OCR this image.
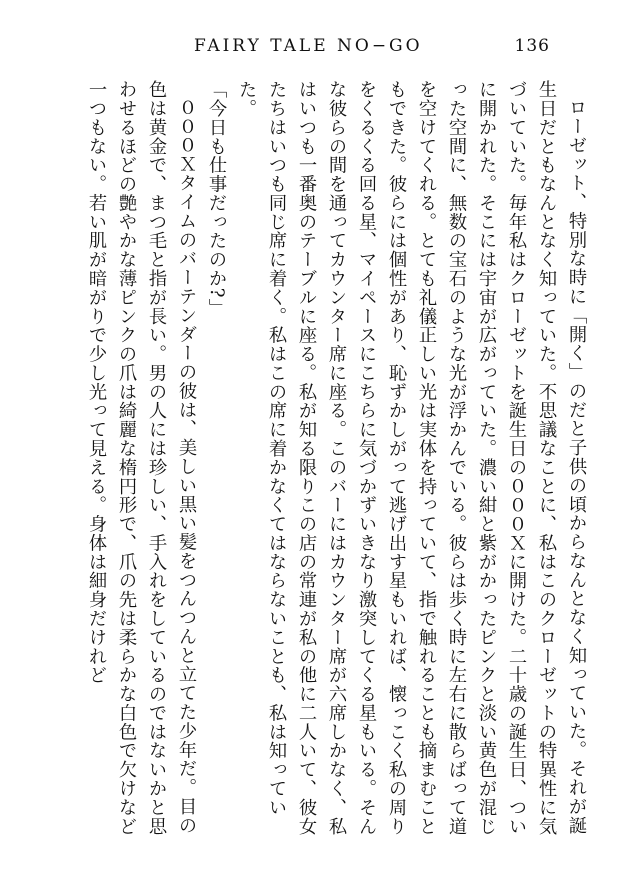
FAIRY TALE NO−GO	136

ローゼット、特別な時に「開く」のだと子供の頃からなんとなく知っていた。それが誕生日だともなんとなく知っていた。不思議なことに、私はこのクローゼットの特異性に気づいていた。毎年私はクローゼットを誕生日の０００Ｘに開けた。二十歳の誕生日、ついに開かれた。そこには宇宙が広がっていた。濃い紺と紫がかったピンクと淡い黄色が混じった空間に、無数の宝石のような光が浮かんでいる。彼らは歩く時に左右に散らばって道を空けてくれる。とても礼儀正しい光は実体を持っていて、指で触れることも摘まむこともできた。彼らには個性があり、恥ずかしがって逃げ出す星もいれば、懐っこく私の周りをくるくる回る星、マイペースにこちらに気づかずいきなり激突してくる星もいる。そんな彼らの間を通ってカウンター席に座る。このバーにはカウンター席が六席しかなく、私はいつも一番奥のテーブルに座る。私が知る限りこの店の常連が私の他に二人いて、彼女たちはいつも同じ席に着く。私はこの席に着かなくてはならないことも、私は知っていた。

「今日も仕事だったのか?」

０００Ｘタイムのバーテンダーの彼は、美しい黒い髪をつんつんと立てた少年だ。目の色は黄金で、まつ毛と指が長い。男の人には珍しい、手入れをしているのではないかと思わせるほどの艶やかな薄ピンクの爪は綺麗な楕円形で、爪の先は柔らかな白色で欠けなど一つもない。若い肌が暗がりで少し光って見える。身体は細身だけれど
